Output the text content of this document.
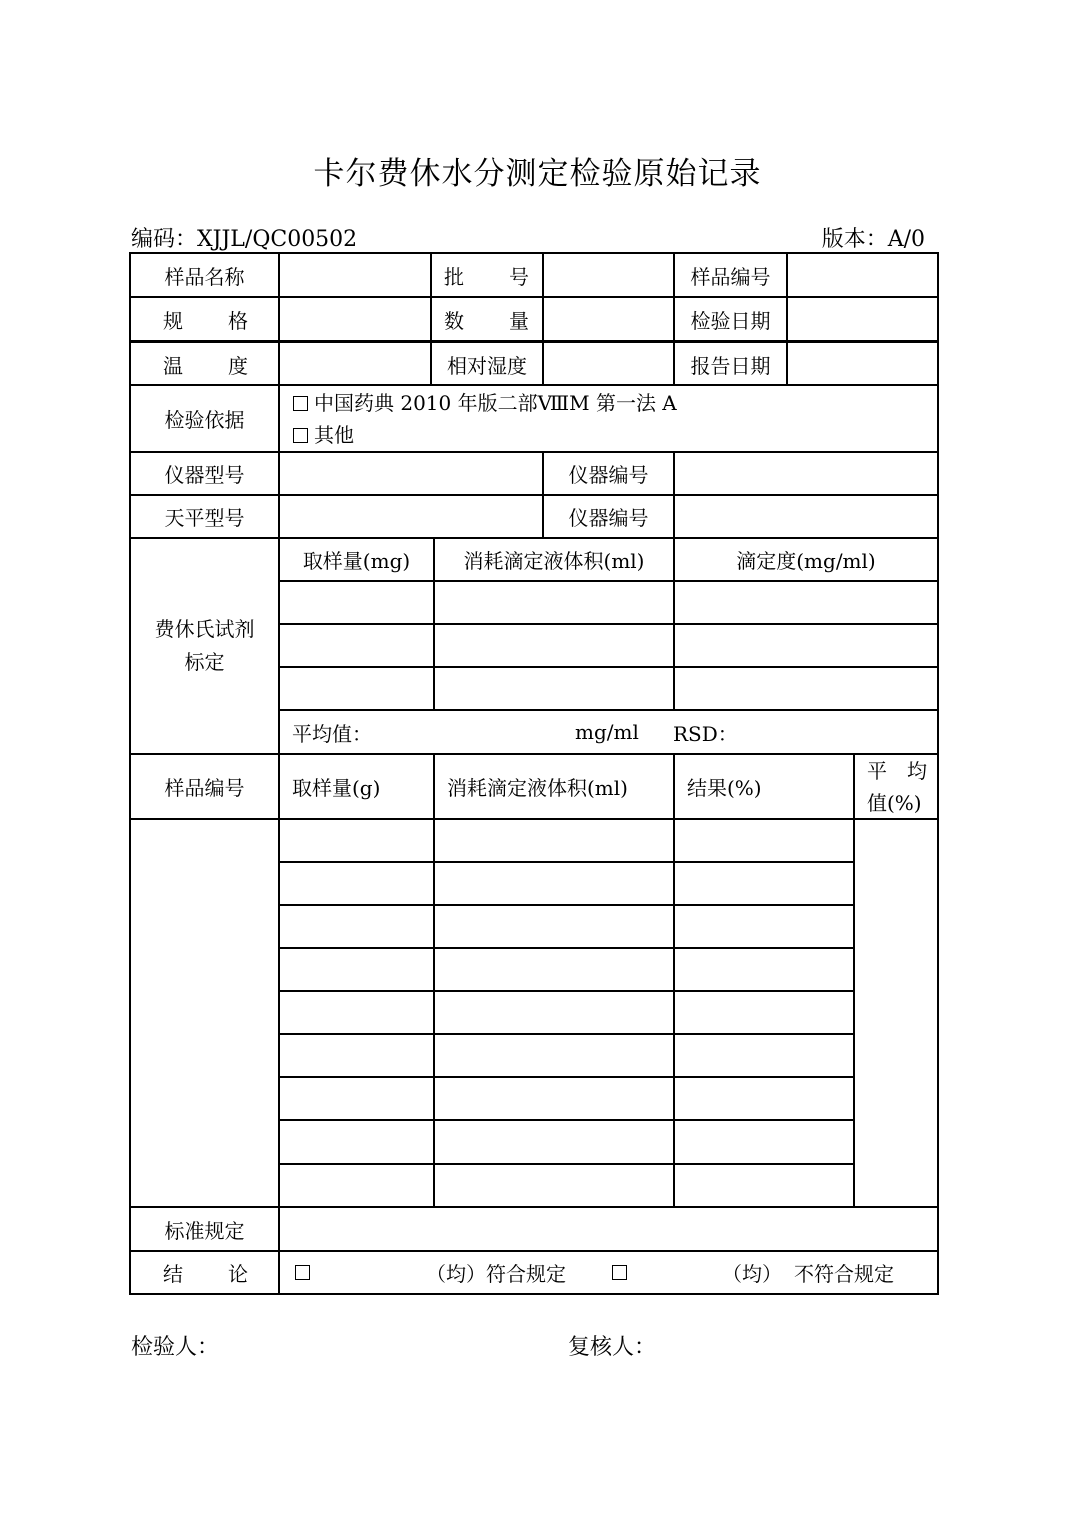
卡尔费休水分测定检验原始记录
编码：XJJL/QC00502	版本：A/0
样品名称	批 号	样品编号
规 格	数 量	检验日期
温 度	相对湿度	报告日期
检验依据
中国药典 2010 年版二部ⅧM 第一法 A
其他
仪器型号	仪器编号
天平型号	仪器编号
费休氏试剂
标定
取样量(mg)	消耗滴定液体积(ml)	滴定度(mg/ml)
平均值：	mg/ml RSD：
样品编号	取样量(g)	消耗滴定液体积(ml)	结果(%)
平 均
值(%)
标准规定
结 论	（均）符合规定	（均） 不符合规定
检验人：	复核人：
